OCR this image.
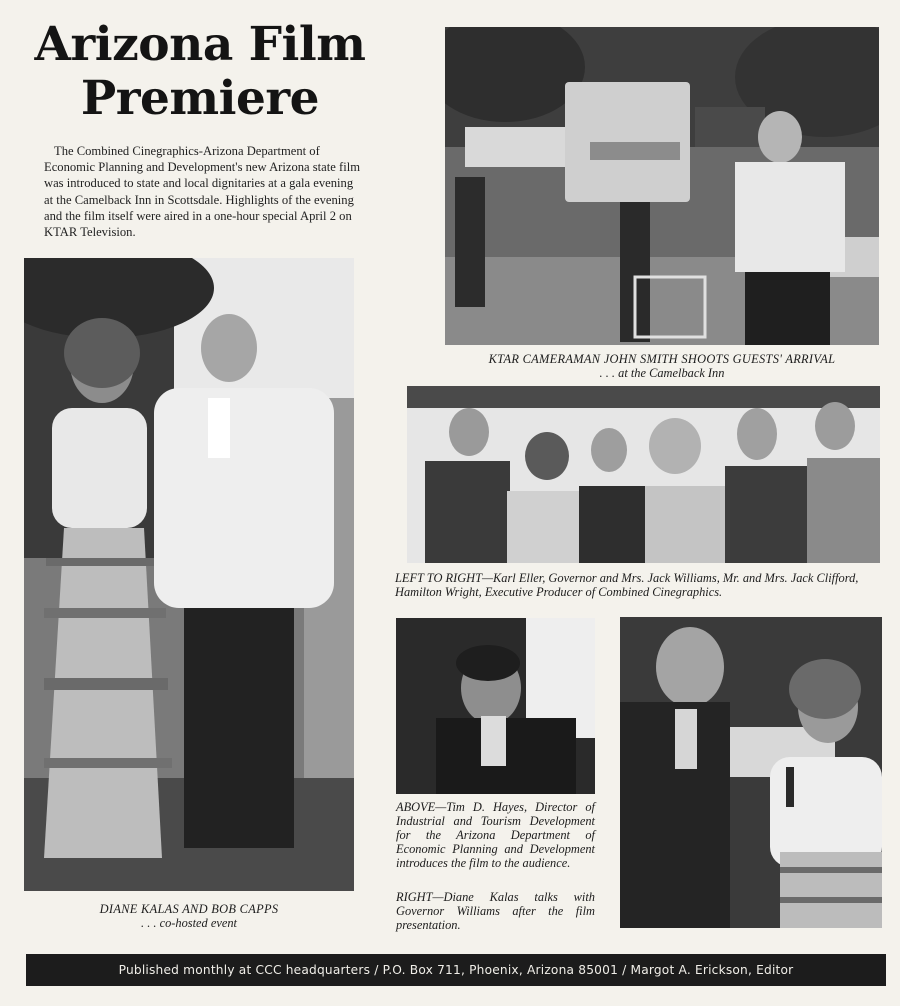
Arizona Film
Premiere
The Combined Cinegraphics-Arizona Department of Economic Planning and Development's new Arizona state film was introduced to state and local dignitaries at a gala evening at the Camelback Inn in Scottsdale. Highlights of the evening and the film itself were aired in a one-hour special April 2 on KTAR Television.
KTAR CAMERAMAN JOHN SMITH SHOOTS GUESTS' ARRIVAL
. . . at the Camelback Inn
DIANE KALAS AND BOB CAPPS
. . . co-hosted event
LEFT TO RIGHT—Karl Eller, Governor and Mrs. Jack Williams, Mr. and Mrs. Jack Clifford, Hamilton Wright, Executive Producer of Combined Cinegraphics.
ABOVE—Tim D. Hayes, Director of Industrial and Tourism Development for the Arizona Department of Economic Planning and Development introduces the film to the audience.
RIGHT—Diane Kalas talks with Governor Williams after the film presentation.
Published monthly at CCC headquarters / P.O. Box 711, Phoenix, Arizona 85001 / Margot A. Erickson, Editor
